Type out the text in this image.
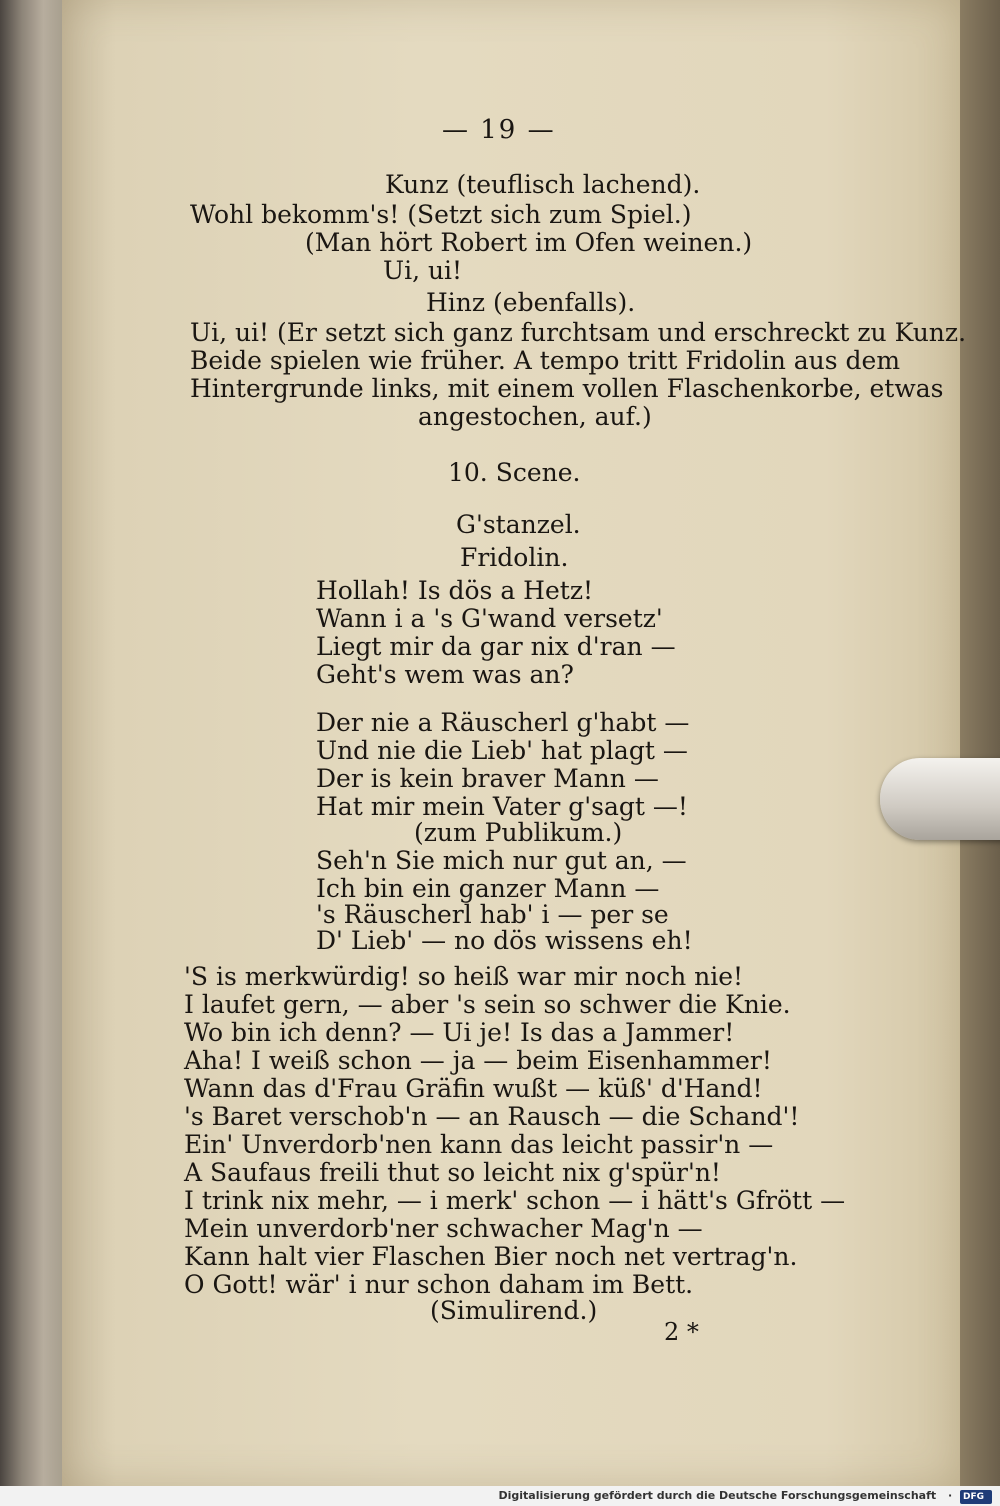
— 19 —
Kunz (teuflisch lachend).
Wohl bekomm's! (Setzt sich zum Spiel.)
(Man hört Robert im Ofen weinen.)
Ui, ui!
Hinz (ebenfalls).
Ui, ui! (Er setzt sich ganz furchtsam und erschreckt zu Kunz.
Beide spielen wie früher. A tempo tritt Fridolin aus dem
Hintergrunde links, mit einem vollen Flaschenkorbe, etwas
angestochen, auf.)
10. Scene.
G'stanzel.
Fridolin.
Hollah! Is dös a Hetz!
Wann i a 's G'wand versetz'
Liegt mir da gar nix d'ran —
Geht's wem was an?
Der nie a Räuscherl g'habt —
Und nie die Lieb' hat plagt —
Der is kein braver Mann —
Hat mir mein Vater g'sagt —!
(zum Publikum.)
Seh'n Sie mich nur gut an, —
Ich bin ein ganzer Mann —
's Räuscherl hab' i — per se
D' Lieb' — no dös wissens eh!
'S is merkwürdig! so heiß war mir noch nie!
I laufet gern, — aber 's sein so schwer die Knie.
Wo bin ich denn? — Ui je! Is das a Jammer!
Aha! I weiß schon — ja — beim Eisenhammer!
Wann das d'Frau Gräfin wußt — küß' d'Hand!
's Baret verschob'n — an Rausch — die Schand'!
Ein' Unverdorb'nen kann das leicht passir'n —
A Saufaus freili thut so leicht nix g'spür'n!
I trink nix mehr, — i merk' schon — i hätt's Gfrött —
Mein unverdorb'ner schwacher Mag'n —
Kann halt vier Flaschen Bier noch net vertrag'n.
O Gott! wär' i nur schon daham im Bett.
(Simulirend.)
2 *
Digitalisierung gefördert durch die Deutsche Forschungsgemeinschaft · DFG
